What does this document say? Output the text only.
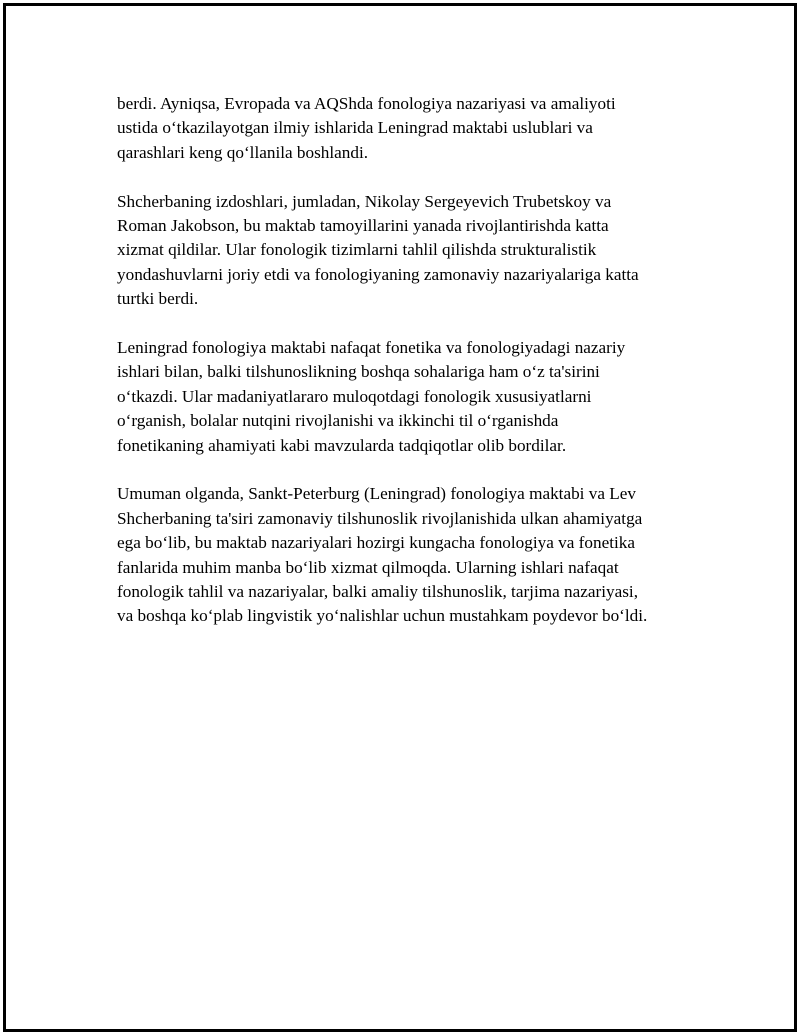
berdi. Ayniqsa, Evropada va AQShda fonologiya nazariyasi va amaliyoti
ustida o‘tkazilayotgan ilmiy ishlarida Leningrad maktabi uslublari va
qarashlari keng qo‘llanila boshlandi.

Shcherbaning izdoshlari, jumladan, Nikolay Sergeyevich Trubetskoy va
Roman Jakobson, bu maktab tamoyillarini yanada rivojlantirishda katta
xizmat qildilar. Ular fonologik tizimlarni tahlil qilishda strukturalistik
yondashuvlarni joriy etdi va fonologiyaning zamonaviy nazariyalariga katta
turtki berdi.

Leningrad fonologiya maktabi nafaqat fonetika va fonologiyadagi nazariy
ishlari bilan, balki tilshunoslikning boshqa sohalariga ham o‘z ta'sirini
o‘tkazdi. Ular madaniyatlararo muloqotdagi fonologik xususiyatlarni
o‘rganish, bolalar nutqini rivojlanishi va ikkinchi til o‘rganishda
fonetikaning ahamiyati kabi mavzularda tadqiqotlar olib bordilar.

Umuman olganda, Sankt-Peterburg (Leningrad) fonologiya maktabi va Lev
Shcherbaning ta'siri zamonaviy tilshunoslik rivojlanishida ulkan ahamiyatga
ega bo‘lib, bu maktab nazariyalari hozirgi kungacha fonologiya va fonetika
fanlarida muhim manba bo‘lib xizmat qilmoqda. Ularning ishlari nafaqat
fonologik tahlil va nazariyalar, balki amaliy tilshunoslik, tarjima nazariyasi,
va boshqa ko‘plab lingvistik yo‘nalishlar uchun mustahkam poydevor bo‘ldi.
